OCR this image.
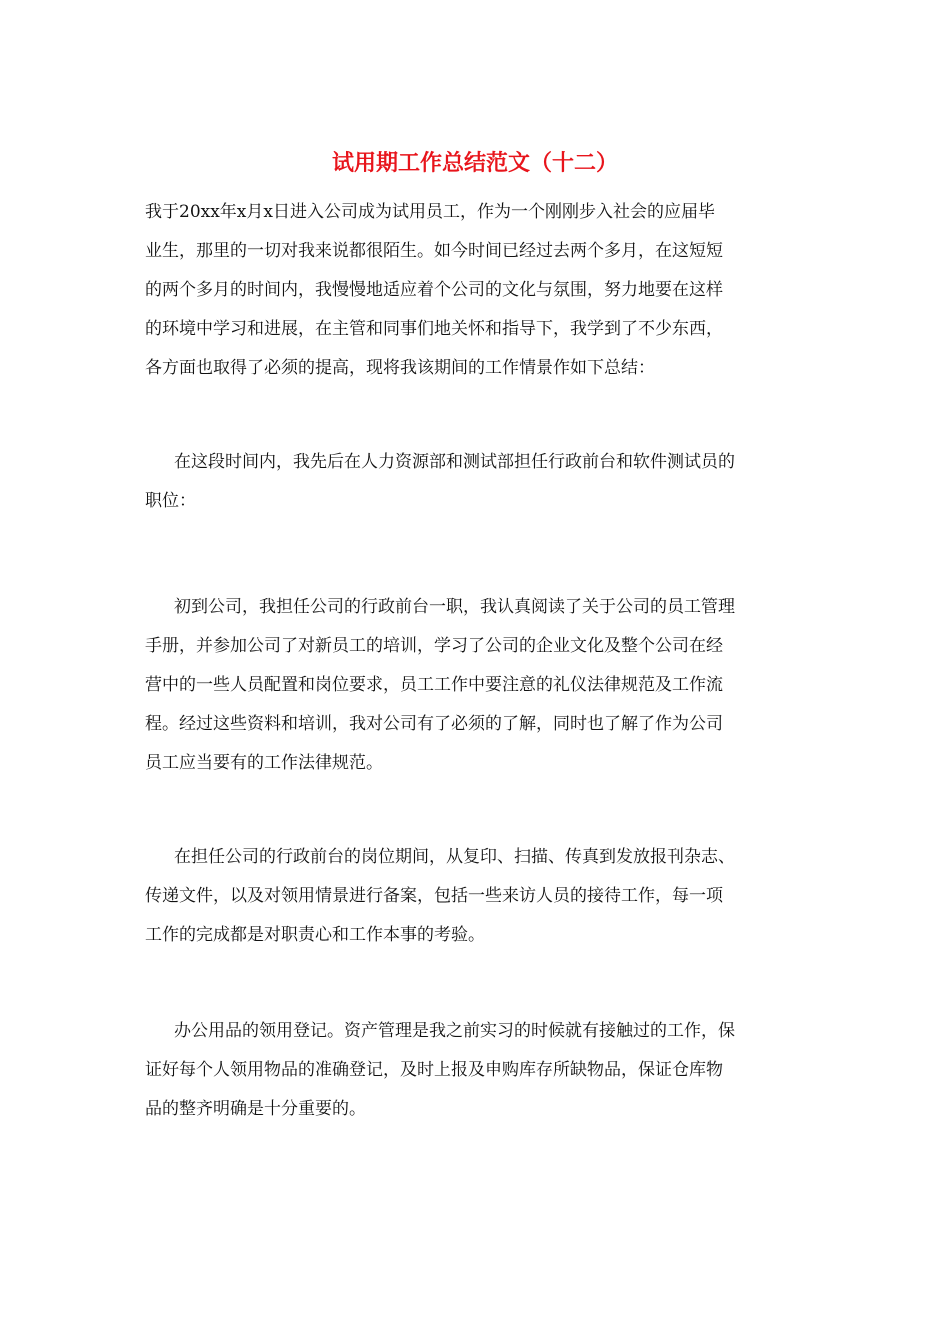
试用期工作总结范文（十二）
我于20xx年x月x日进入公司成为试用员工，作为一个刚刚步入社会的应届毕
业生，那里的一切对我来说都很陌生。如今时间已经过去两个多月，在这短短
的两个多月的时间内，我慢慢地适应着个公司的文化与氛围，努力地要在这样
的环境中学习和进展，在主管和同事们地关怀和指导下，我学到了不少东西，
各方面也取得了必须的提高，现将我该期间的工作情景作如下总结：
在这段时间内，我先后在人力资源部和测试部担任行政前台和软件测试员的
职位：
初到公司，我担任公司的行政前台一职，我认真阅读了关于公司的员工管理
手册，并参加公司了对新员工的培训，学习了公司的企业文化及整个公司在经
营中的一些人员配置和岗位要求，员工工作中要注意的礼仪法律规范及工作流
程。经过这些资料和培训，我对公司有了必须的了解，同时也了解了作为公司
员工应当要有的工作法律规范。
在担任公司的行政前台的岗位期间，从复印、扫描、传真到发放报刊杂志、
传递文件，以及对领用情景进行备案，包括一些来访人员的接待工作，每一项
工作的完成都是对职责心和工作本事的考验。
办公用品的领用登记。资产管理是我之前实习的时候就有接触过的工作，保
证好每个人领用物品的准确登记，及时上报及申购库存所缺物品，保证仓库物
品的整齐明确是十分重要的。
